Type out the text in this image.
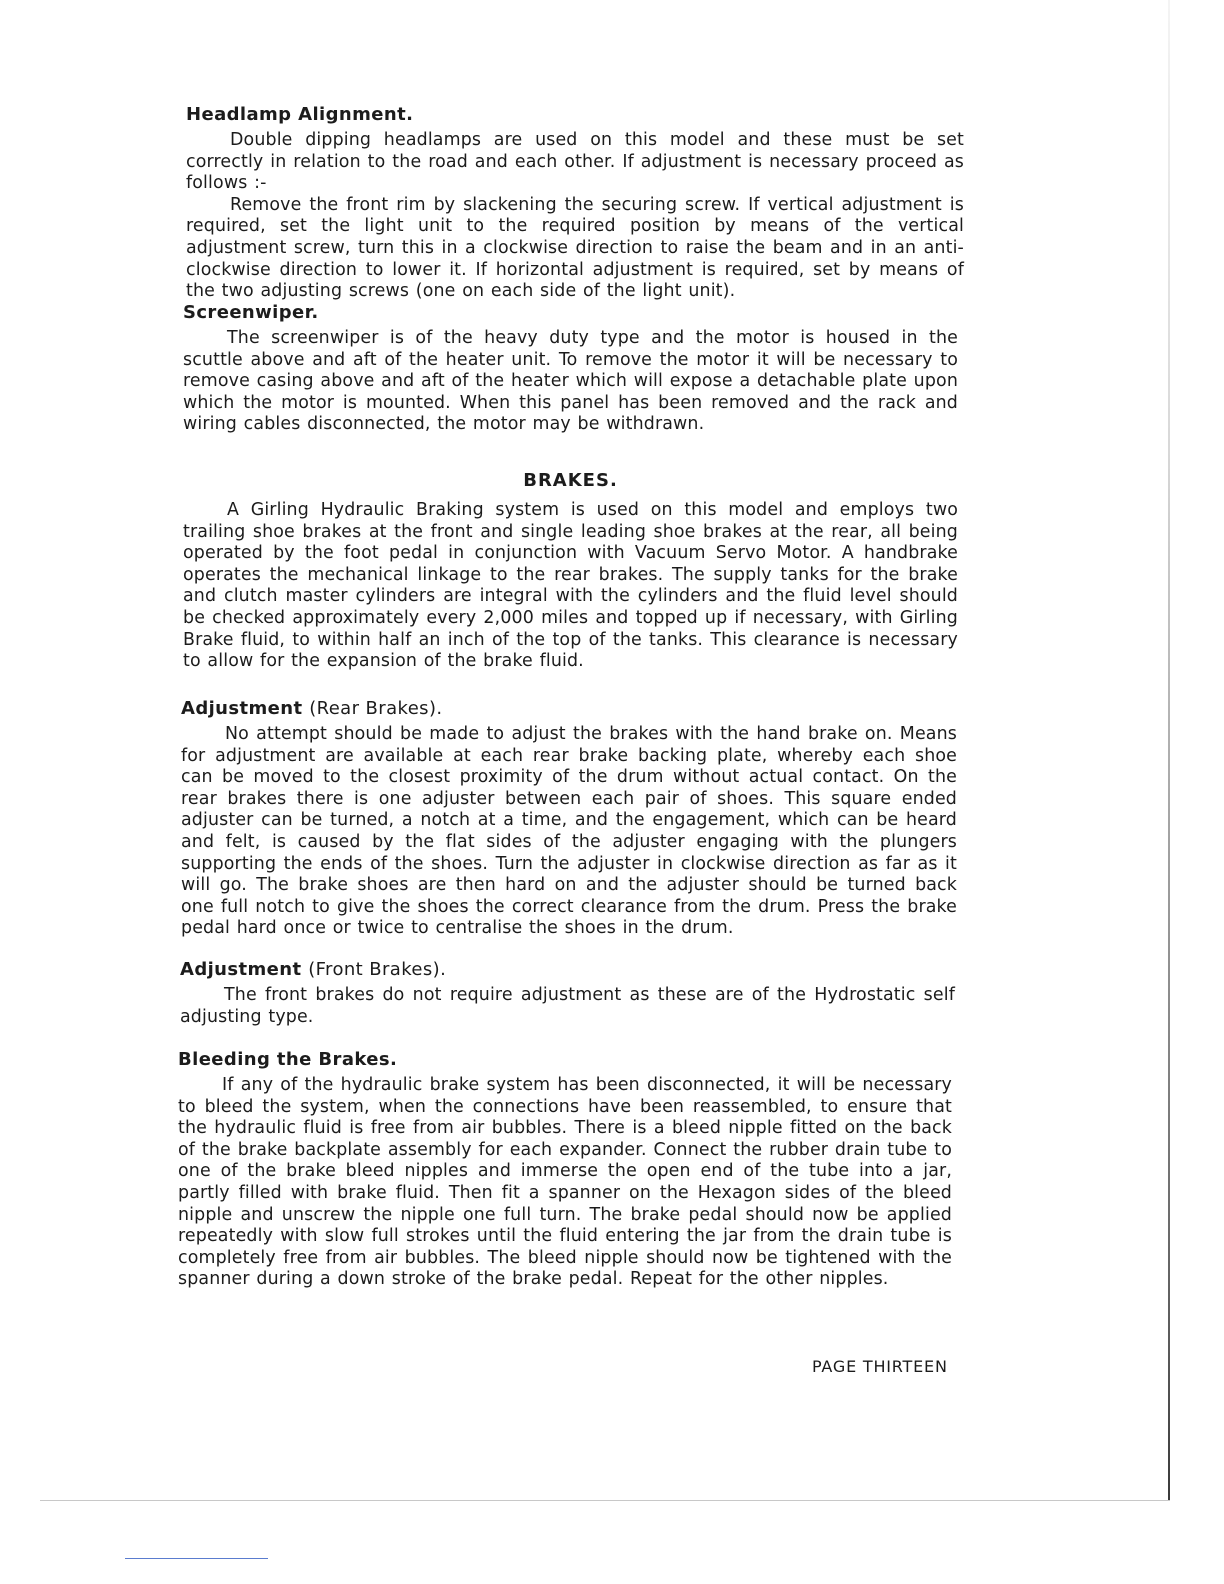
Headlamp Alignment.

Double dipping headlamps are used on this model and these must be set correctly in relation to the road and each other. If adjustment is necessary proceed as follows :-

Remove the front rim by slackening the securing screw. If vertical adjustment is required, set the light unit to the required position by means of the vertical adjustment screw, turn this in a clockwise direction to raise the beam and in an anti-clockwise direction to lower it. If horizontal adjustment is required, set by means of the two adjusting screws (one on each side of the light unit).

Screenwiper.

The screenwiper is of the heavy duty type and the motor is housed in the scuttle above and aft of the heater unit. To remove the motor it will be necessary to remove casing above and aft of the heater which will expose a detachable plate upon which the motor is mounted. When this panel has been removed and the rack and wiring cables disconnected, the motor may be withdrawn.

BRAKES.

A Girling Hydraulic Braking system is used on this model and employs two trailing shoe brakes at the front and single leading shoe brakes at the rear, all being operated by the foot pedal in conjunction with Vacuum Servo Motor. A handbrake operates the mechanical linkage to the rear brakes. The supply tanks for the brake and clutch master cylinders are integral with the cylinders and the fluid level should be checked approximately every 2,000 miles and topped up if necessary, with Girling Brake fluid, to within half an inch of the top of the tanks. This clearance is necessary to allow for the expansion of the brake fluid.

Adjustment (Rear Brakes).

No attempt should be made to adjust the brakes with the hand brake on. Means for adjustment are available at each rear brake backing plate, whereby each shoe can be moved to the closest proximity of the drum without actual contact. On the rear brakes there is one adjuster between each pair of shoes. This square ended adjuster can be turned, a notch at a time, and the engagement, which can be heard and felt, is caused by the flat sides of the adjuster engaging with the plungers supporting the ends of the shoes. Turn the adjuster in clockwise direction as far as it will go. The brake shoes are then hard on and the adjuster should be turned back one full notch to give the shoes the correct clearance from the drum. Press the brake pedal hard once or twice to centralise the shoes in the drum.

Adjustment (Front Brakes).

The front brakes do not require adjustment as these are of the Hydrostatic self adjusting type.

Bleeding the Brakes.

If any of the hydraulic brake system has been disconnected, it will be necessary to bleed the system, when the connections have been reassembled, to ensure that the hydraulic fluid is free from air bubbles. There is a bleed nipple fitted on the back of the brake backplate assembly for each expander. Connect the rubber drain tube to one of the brake bleed nipples and immerse the open end of the tube into a jar, partly filled with brake fluid. Then fit a spanner on the Hexagon sides of the bleed nipple and unscrew the nipple one full turn. The brake pedal should now be applied repeatedly with slow full strokes until the fluid entering the jar from the drain tube is completely free from air bubbles. The bleed nipple should now be tightened with the spanner during a down stroke of the brake pedal. Repeat for the other nipples.

PAGE THIRTEEN
